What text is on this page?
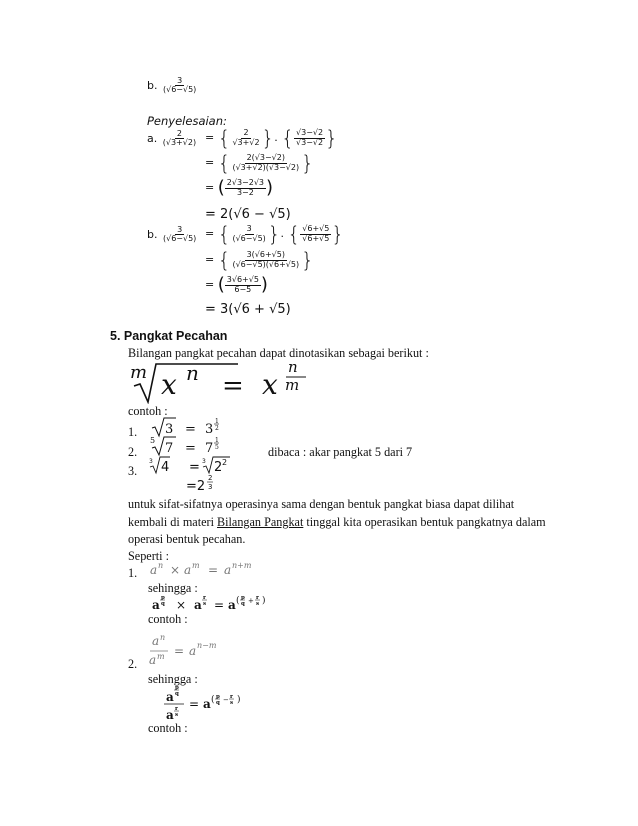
b. $\frac{3}{(√6-√5)}$
Penyelesaian:
a. $\frac{2}{(√3+√2)}$ = { $\frac{2}{√3+√2}$ }. { $\frac{√3-√2}{√3-√2}$ }
= { $\frac{2(√3-√2)}{(√3+√2)(√3-√2)}$ }
= ( $\frac{2√3-2√3}{3-2}$ )
= 2(√6 − √5)
b. $\frac{3}{(√6-√5)}$ = { $\frac{3}{(√6-√5)}$ }. { $\frac{√6+√5}{√6+√5}$ }
= { $\frac{3(√6+√5)}{(√6-√5)(√6+√5)}$ }
= ( $\frac{3√6+√5}{6-5}$ )
= 3(√6 + √5)
5. Pangkat Pecahan
Bilangan pangkat pecahan dapat dinotasikan sebagai berikut :
m x n = x
n
m
contoh :
1. 3 = 3
1
2
2.
5
7 = 7
1
5	dibaca : akar pangkat 5 dari 7
3.
3 4 = 3 2 2
=2
2
3
untuk sifat-sifatnya operasinya sama dengan bentuk pangkat biasa dapat dilihat
kembali di materi Bilangan Pangkat tinggal kita operasikan bentuk pangkatnya dalam
operasi bentuk pecahan.
Seperti :
1. a n × a m = a n+m
sehingga :
a p
q × a r
s = a ( p
q + r
s )
contoh :
a n
a m = a n−m
2.
sehingga :
a
p
q
a r
s
= a ( p
q − r
s )
contoh :
